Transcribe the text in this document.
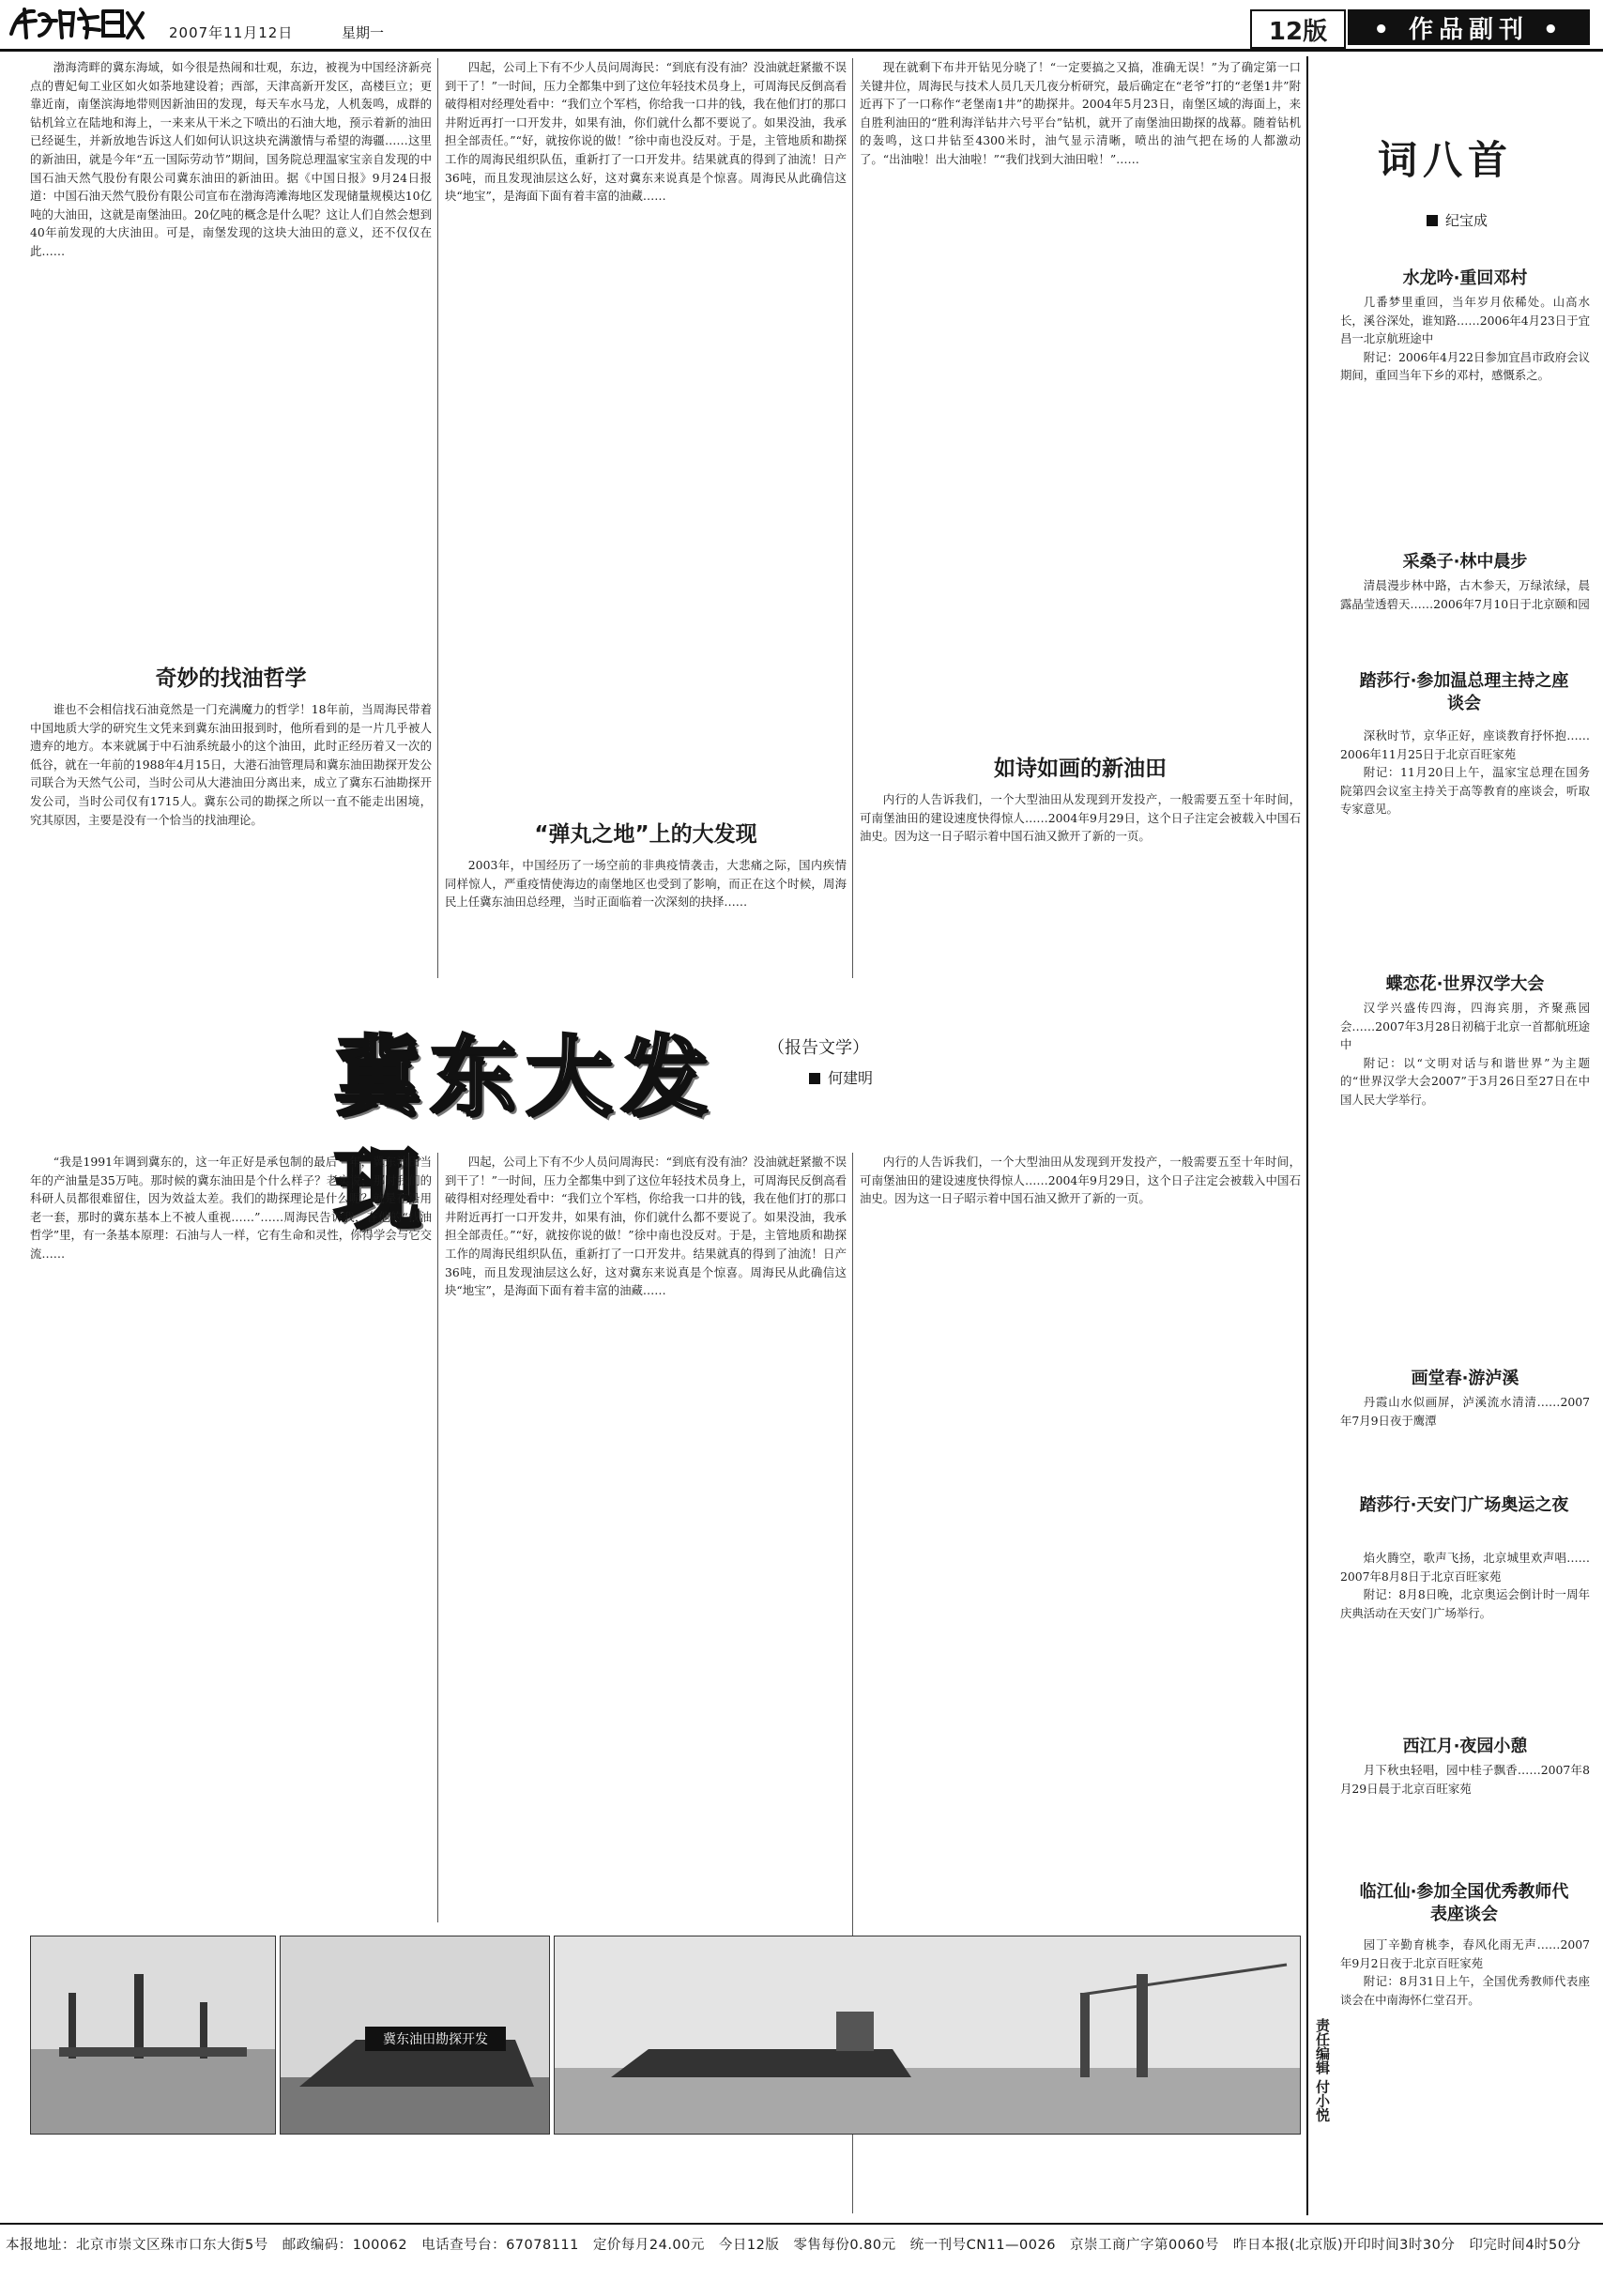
2007年11月12日	星期一	12版	• 作品副刊 •

渤海湾畔的冀东海域，如今很是热闹和壮观，东边，被视为中国经济新亮点的曹妃甸工业区如火如荼地建设着；西部，天津高新开发区，高楼巨立；更靠近南，南堡滨海地带则因新油田的发现，每天车水马龙，人机轰鸣，成群的钻机耸立在陆地和海上，一来来从干米之下喷出的石油大地，预示着新的油田已经诞生，并新放地告诉这人们如何认识这块充满激情与希望的海疆……这里的新油田，就是今年“五一国际劳动节”期间，国务院总理温家宝亲自发现的中国石油天然气股份有限公司冀东油田的新油田。据《中国日报》9月24日报道：中国石油天然气股份有限公司宣布在渤海湾滩海地区发现储量规模达10亿吨的大油田，这就是南堡油田。20亿吨的概念是什么呢？这让人们自然会想到40年前发现的大庆油田。可是，南堡发现的这块大油田的意义，还不仅仅在此……

奇妙的找油哲学

谁也不会相信找石油竟然是一门充满魔力的哲学！18年前，当周海民带着中国地质大学的研究生文凭来到冀东油田报到时，他所看到的是一片几乎被人遗弃的地方。本来就属于中石油系统最小的这个油田，此时正经历着又一次的低谷，就在一年前的1988年4月15日，大港石油管理局和冀东油田勘探开发公司联合为天然气公司，当时公司从大港油田分离出来，成立了冀东石油勘探开发公司，当时公司仅有1715人。冀东公司的勘探之所以一直不能走出困境，究其原因，主要是没有一个恰当的找油理论。

四起，公司上下有不少人员问周海民：“到底有没有油？没油就赶紧撤不误到干了！”一时间，压力全都集中到了这位年轻技术员身上，可周海民反倒高看破得相对经理处看中：“我们立个军档，你给我一口井的钱，我在他们打的那口井附近再打一口开发井，如果有油，你们就什么都不要说了。如果没油，我承担全部责任。”“好，就按你说的做！”徐中南也没反对。于是，主管地质和勘探工作的周海民组织队伍，重新打了一口开发井。结果就真的得到了油流！日产36吨，而且发现油层这么好，这对冀东来说真是个惊喜。周海民从此确信这块“地宝”，是海面下面有着丰富的油藏……

“弹丸之地”上的大发现

2003年，中国经历了一场空前的非典疫情袭击，大悲痛之际，国内疾情同样惊人，严重疫情使海边的南堡地区也受到了影响，而正在这个时候，周海民上任冀东油田总经理，当时正面临着一次深刻的抉择……

现在就剩下布井开钻见分晓了！“一定要搞之又搞，准确无误！”为了确定第一口关键井位，周海民与技术人员几天几夜分析研究，最后确定在“老爷”打的“老堡1井”附近再下了一口称作“老堡南1井”的勘探井。2004年5月23日，南堡区域的海面上，来自胜利油田的“胜利海洋钻井六号平台”钻机，就开了南堡油田勘探的战幕。随着钻机的轰鸣，这口井钻至4300米时，油气显示清晰，喷出的油气把在场的人都激动了。“出油啦！出大油啦！”“我们找到大油田啦！”……

如诗如画的新油田

内行的人告诉我们，一个大型油田从发现到开发投产，一般需要五至十年时间，可南堡油田的建设速度快得惊人……2004年9月29日，这个日子注定会被载入中国石油史。因为这一日子昭示着中国石油又掀开了新的一页。

冀东大发现
（报告文学）
何建明

“我是1991年调到冀东的，这一年正好是承包制的最后一年，冀东油田当年的产油量是35万吨。那时候的冀东油田是个什么样子？老实说，那时我们的科研人员都很难留住，因为效益太差。我们的勘探理论是什么呢？就是在沿用老一套，那时的冀东基本上不被人重视……”……周海民告诉我，在他的“找油哲学”里，有一条基本原理：石油与人一样，它有生命和灵性，你得学会与它交流……

四起，公司上下有不少人员问周海民：“到底有没有油？没油就赶紧撤不误到干了！”一时间，压力全都集中到了这位年轻技术员身上，可周海民反倒高看破得相对经理处看中：“我们立个军档，你给我一口井的钱，我在他们打的那口井附近再打一口开发井，如果有油，你们就什么都不要说了。如果没油，我承担全部责任。”“好，就按你说的做！”徐中南也没反对。于是，主管地质和勘探工作的周海民组织队伍，重新打了一口开发井。结果就真的得到了油流！日产36吨，而且发现油层这么好，这对冀东来说真是个惊喜。周海民从此确信这块“地宝”，是海面下面有着丰富的油藏……

内行的人告诉我们，一个大型油田从发现到开发投产，一般需要五至十年时间，可南堡油田的建设速度快得惊人……2004年9月29日，这个日子注定会被载入中国石油史。因为这一日子昭示着中国石油又掀开了新的一页。

冀东油田勘探开发
词八首
纪宝成
水龙吟·重回邓村

几番梦里重回，当年岁月依稀处。山高水长，溪谷深处，谁知路……2006年4月23日于宜昌一北京航班途中

附记：2006年4月22日参加宜昌市政府会议期间，重回当年下乡的邓村，感慨系之。

采桑子·林中晨步

清晨漫步林中路，古木参天，万绿浓绿，晨露晶莹透碧天……2006年7月10日于北京颐和园

踏莎行·参加温总理主持之座谈会

深秋时节，京华正好，座谈教育抒怀抱……2006年11月25日于北京百旺家苑

附记：11月20日上午，温家宝总理在国务院第四会议室主持关于高等教育的座谈会，听取专家意见。

蝶恋花·世界汉学大会

汉学兴盛传四海，四海宾朋，齐聚燕园会……2007年3月28日初稿于北京一首都航班途中

附记：以“文明对话与和谐世界”为主题的“世界汉学大会2007”于3月26日至27日在中国人民大学举行。

画堂春·游泸溪

丹霞山水似画屏，泸溪流水清清……2007年7月9日夜于鹰潭

踏莎行·天安门广场奥运之夜

焰火腾空，歌声飞扬，北京城里欢声唱……2007年8月8日于北京百旺家苑

附记：8月8日晚，北京奥运会倒计时一周年庆典活动在天安门广场举行。

西江月·夜园小憩

月下秋虫轻唱，园中桂子飘香……2007年8月29日晨于北京百旺家苑

临江仙·参加全国优秀教师代表座谈会

园丁辛勤育桃李，春风化雨无声……2007年9月2日夜于北京百旺家苑

附记：8月31日上午，全国优秀教师代表座谈会在中南海怀仁堂召开。

责任编辑 付小悦
本报地址：北京市崇文区珠市口东大街5号　邮政编码：100062　电话查号台：67078111　定价每月24.00元　今日12版　零售每份0.80元　统一刊号CN11—0026　京崇工商广字第0060号　昨日本报(北京版)开印时间3时30分　印完时间4时50分
